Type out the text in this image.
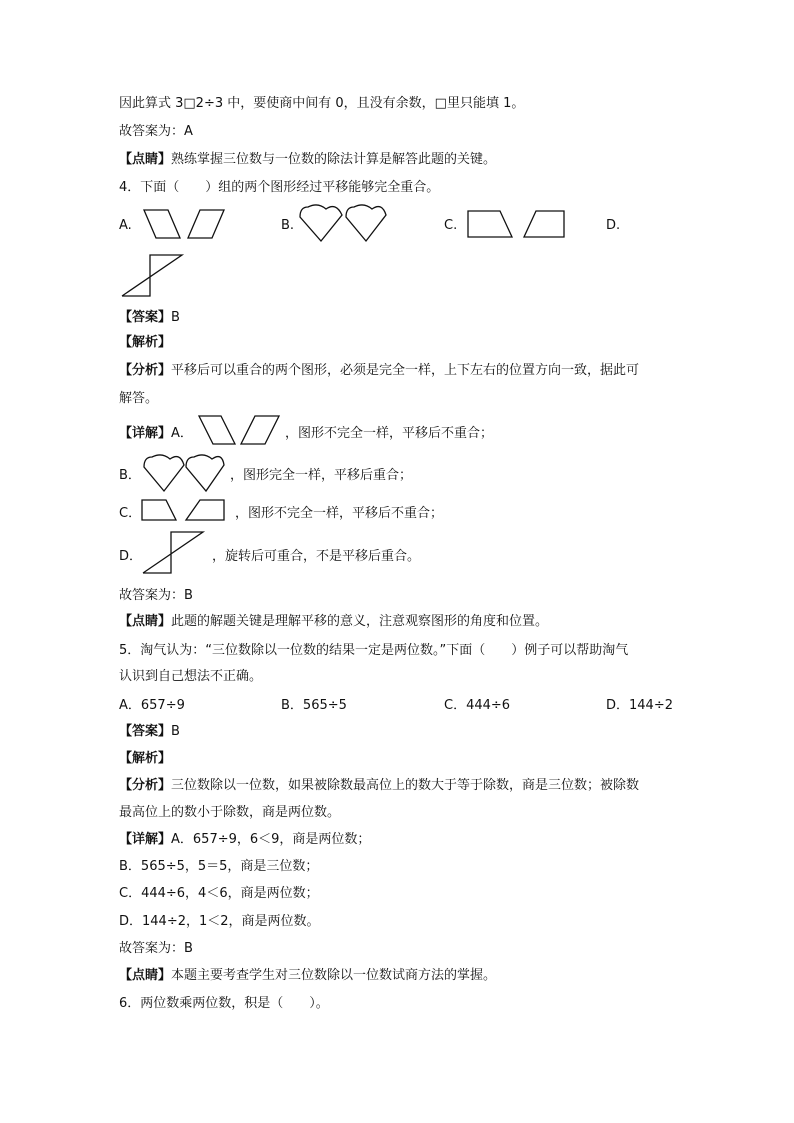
因此算式 3□2÷3 中，要使商中间有 0，且没有余数，□里只能填 1。
故答案为：A
【点睛】熟练掌握三位数与一位数的除法计算是解答此题的关键。
4．下面（　　）组的两个图形经过平移能够完全重合。
A.	B.	C.	D.
【答案】B
【解析】
【分析】平移后可以重合的两个图形，必须是完全一样，上下左右的位置方向一致，据此可
解答。
【详解】A．	，图形不完全一样，平移后不重合；
B．	，图形完全一样，平移后重合；
C．	，图形不完全一样，平移后不重合；
D．	，旋转后可重合，不是平移后重合。
故答案为：B
【点睛】此题的解题关键是理解平移的意义，注意观察图形的角度和位置。
5．淘气认为：“三位数除以一位数的结果一定是两位数。”下面（　　）例子可以帮助淘气
认识到自己想法不正确。
A．657÷9	B．565÷5	C．444÷6	D．144÷2
【答案】B
【解析】
【分析】三位数除以一位数，如果被除数最高位上的数大于等于除数，商是三位数；被除数
最高位上的数小于除数，商是两位数。
【详解】A．657÷9，6＜9，商是两位数；
B．565÷5，5＝5，商是三位数；
C．444÷6，4＜6，商是两位数；
D．144÷2，1＜2，商是两位数。
故答案为：B
【点睛】本题主要考查学生对三位数除以一位数试商方法的掌握。
6．两位数乘两位数，积是（　　）。
